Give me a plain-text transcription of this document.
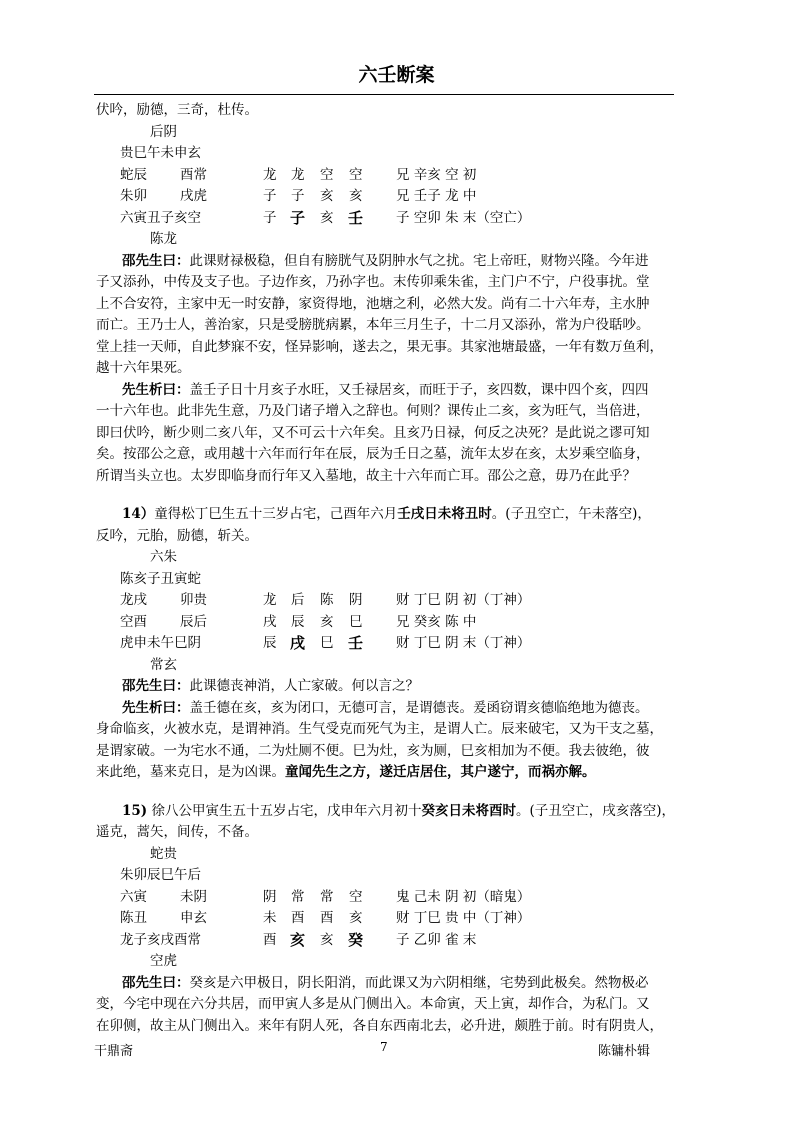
六壬断案
伏吟，励德，三奇，杜传。
后阴
贵巳午未申玄
蛇辰 酉常	龙 龙 空 空 兄 辛亥 空 初
朱卯 戌虎	子 子 亥 亥 兄 壬子 龙 中
六寅丑子亥空	子 子 亥 壬 子 空卯 朱 末（空亡）
陈龙
邵先生曰：此课财禄极稳，但自有膀胱气及阴肿水气之扰。宅上帝旺，财物兴隆。今年进
子又添孙，中传及支子也。子边作亥，乃孙字也。末传卯乘朱雀，主门户不宁，户役事扰。堂
上不合安符，主家中无一时安静，家资得地，池塘之利，必然大发。尚有二十六年寿，主水肿
而亡。王乃士人，善治家，只是受膀胱病累，本年三月生子，十二月又添孙，常为户役聒吵。
堂上挂一天师，自此梦寐不安，怪异影响，遂去之，果无事。其家池塘最盛，一年有数万鱼利，
越十六年果死。
先生析曰：盖壬子日十月亥子水旺，又壬禄居亥，而旺于子，亥四数，课中四个亥，四四
一十六年也。此非先生意，乃及门诸子增入之辞也。何则？课传止二亥，亥为旺气，当倍进，
即曰伏吟，断少则二亥八年，又不可云十六年矣。且亥乃日禄，何反之决死？是此说之谬可知
矣。按邵公之意，或用越十六年而行年在辰，辰为壬日之墓，流年太岁在亥，太岁乘空临身，
所谓当头立也。太岁即临身而行年又入墓地，故主十六年而亡耳。邵公之意，毋乃在此乎？
14）童得松丁巳生五十三岁占宅，己酉年六月壬戌日未将丑时。(子丑空亡，午未落空)，
反吟，元胎，励德，斩关。
六朱
陈亥子丑寅蛇
龙戌 卯贵	龙 后 陈 阴 财 丁巳 阴 初（丁神）
空酉 辰后	戌 辰 亥 巳 兄 癸亥 陈 中
虎申未午巳阴	辰 戌 巳 壬 财 丁巳 阴 末（丁神）
常玄
邵先生曰：此课德丧神消，人亡家破。何以言之？
先生析曰：盖壬德在亥，亥为闭口，无德可言，是谓德丧。爰函窃谓亥德临绝地为德丧。
身命临亥，火被水克，是谓神消。生气受克而死气为主，是谓人亡。辰来破宅，又为干支之墓，
是谓家破。一为宅水不通，二为灶厕不便。巳为灶，亥为厕，巳亥相加为不便。我去彼绝，彼
来此绝，墓来克日，是为凶课。童闻先生之方，遂迁店居住，其户遂宁，而祸亦解。
15) 徐八公甲寅生五十五岁占宅，戊申年六月初十癸亥日未将酉时。(子丑空亡，戌亥落空)，
遥克，蒿矢，间传，不备。
蛇贵
朱卯辰巳午后
六寅 未阴	阴 常 常 空 鬼 己未 阴 初（暗鬼）
陈丑 申玄	未 酉 酉 亥 财 丁巳 贵 中（丁神）
龙子亥戌酉常	酉 亥 亥 癸 子 乙卯 雀 末
空虎
邵先生曰：癸亥是六甲极日，阴长阳消，而此课又为六阴相继，宅势到此极矣。然物极必
变，今宅中现在六分共居，而甲寅人多是从门侧出入。本命寅，天上寅，却作合，为私门。又
在卯侧，故主从门侧出入。来年有阴人死，各自东西南北去，必升进，颇胜于前。时有阴贵人，
干鼎斋	7	陈镛朴辑
